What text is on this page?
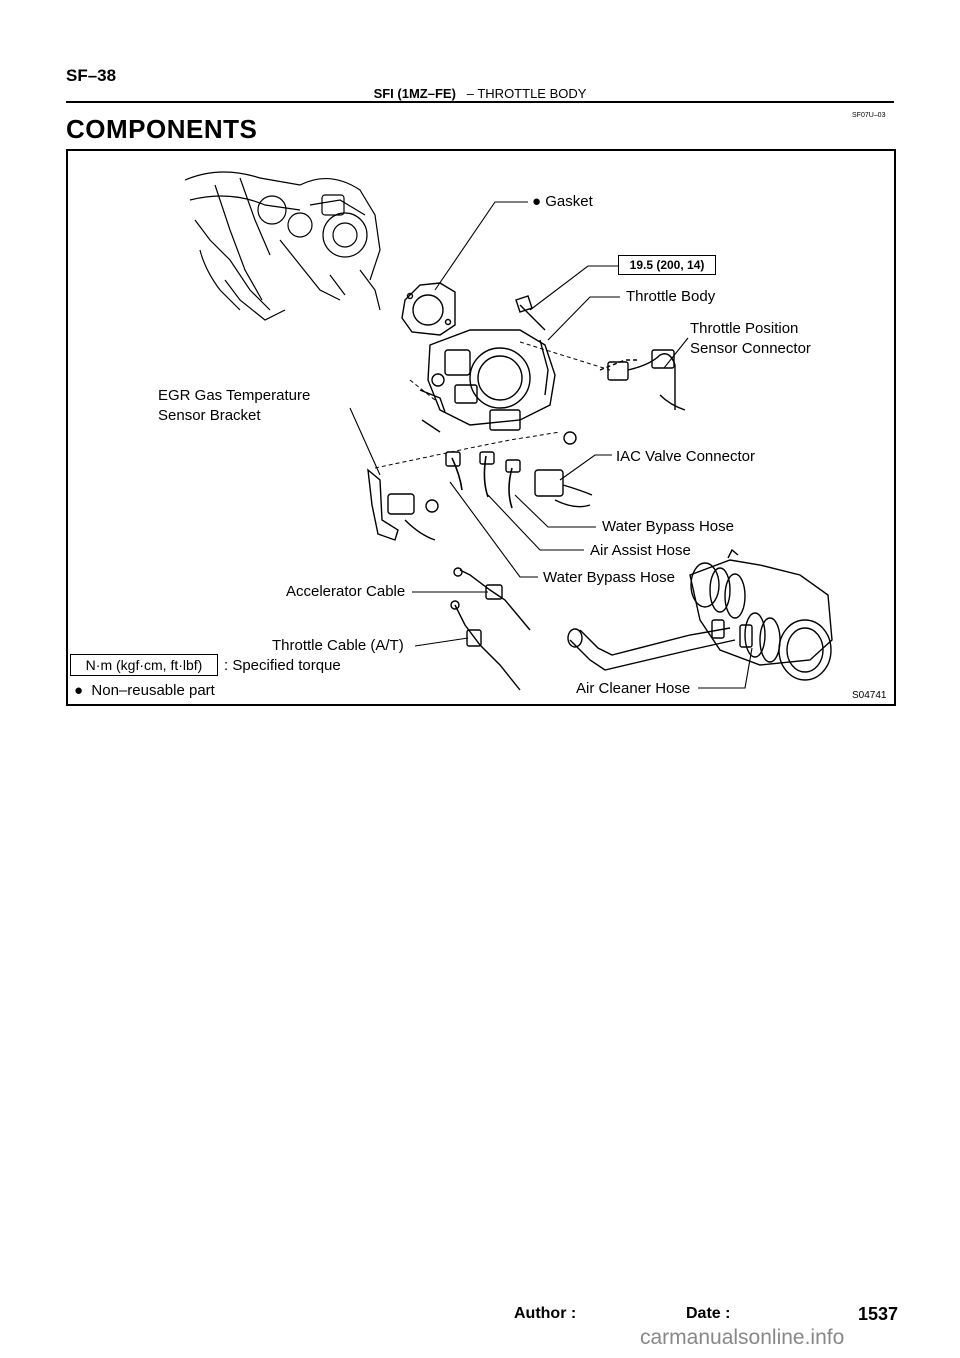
SF–38
SFI (1MZ–FE) – THROTTLE BODY
SF07U–03
COMPONENTS
● Gasket
19.5 (200, 14)
Throttle Body
Throttle Position
Sensor Connector
EGR Gas Temperature
Sensor Bracket
IAC Valve Connector
Water Bypass Hose
Air Assist Hose
Water Bypass Hose
Accelerator Cable
Throttle Cable (A/T)
Air Cleaner Hose
N·m (kgf·cm, ft·lbf)	: Specified torque
● Non–reusable part	S04741
Author :	Date :	1537
carmanualsonline.info
